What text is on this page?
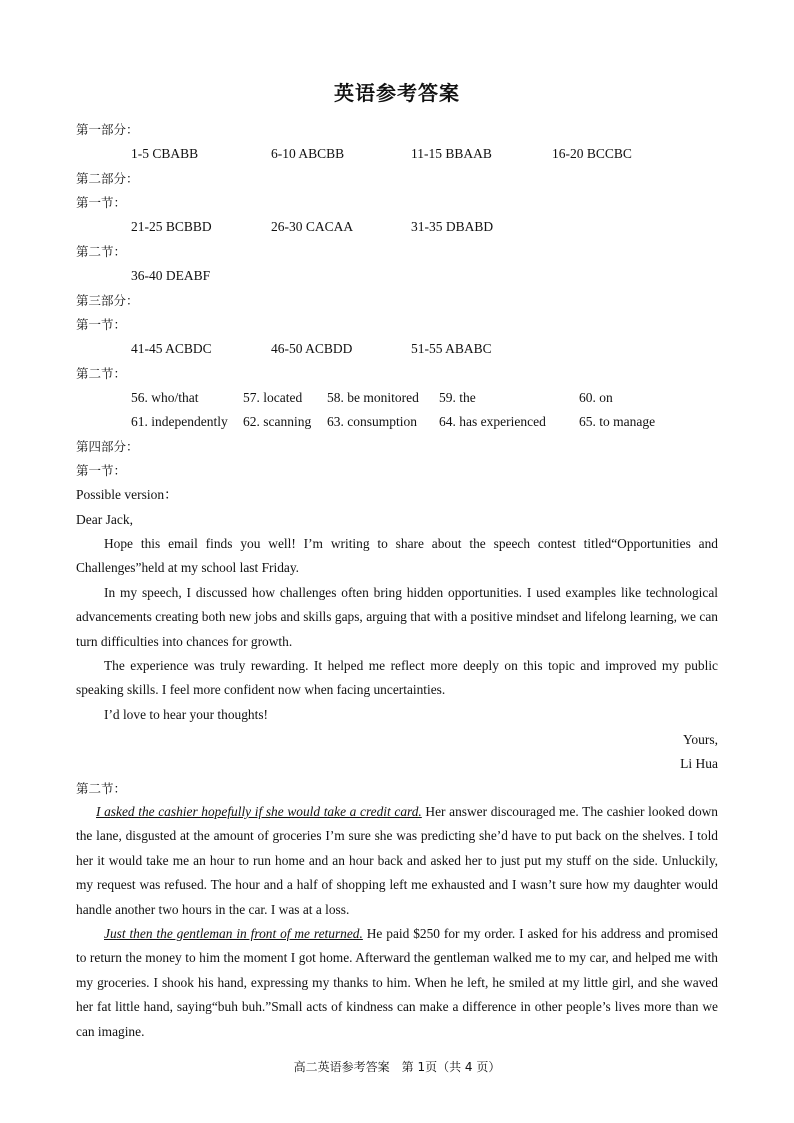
英语参考答案
第一部分：
1-5 CBABB	6-10 ABCBB	11-15 BBAAB	16-20 BCCBC
第二部分：
第一节：
21-25 BCBBD	26-30 CACAA	31-35 DBABD
第二节：
36-40 DEABF
第三部分：
第一节：
41-45 ACBDC	46-50 ACBDD	51-55 ABABC
第二节：
56. who/that	57. located 58. be monitored 59. the	60. on
61. independently 62. scanning 63. consumption 64. has experienced 65. to manage
第四部分：
第一节：
Possible version：
Dear Jack,
Hope this email finds you well! I’m writing to share about the speech contest titled“Opportunities and Challenges”held at my school last Friday.
In my speech, I discussed how challenges often bring hidden opportunities. I used examples like technological advancements creating both new jobs and skills gaps, arguing that with a positive mindset and lifelong learning, we can turn difficulties into chances for growth.
The experience was truly rewarding. It helped me reflect more deeply on this topic and improved my public speaking skills. I feel more confident now when facing uncertainties.
I’d love to hear your thoughts!
Yours,
Li Hua
第二节：
I asked the cashier hopefully if she would take a credit card. Her answer discouraged me. The cashier looked down the lane, disgusted at the amount of groceries I’m sure she was predicting she’d have to put back on the shelves. I told her it would take me an hour to run home and an hour back and asked her to just put my stuff on the side. Unluckily, my request was refused. The hour and a half of shopping left me exhausted and I wasn’t sure how my daughter would handle another two hours in the car. I was at a loss.
Just then the gentleman in front of me returned. He paid $250 for my order. I asked for his address and promised to return the money to him the moment I got home. Afterward the gentleman walked me to my car, and helped me with my groceries. I shook his hand, expressing my thanks to him. When he left, he smiled at my little girl, and she waved her fat little hand, saying“buh buh.”Small acts of kindness can make a difference in other people’s lives more than we can imagine.
高二英语参考答案　第 1页（共 4 页）
